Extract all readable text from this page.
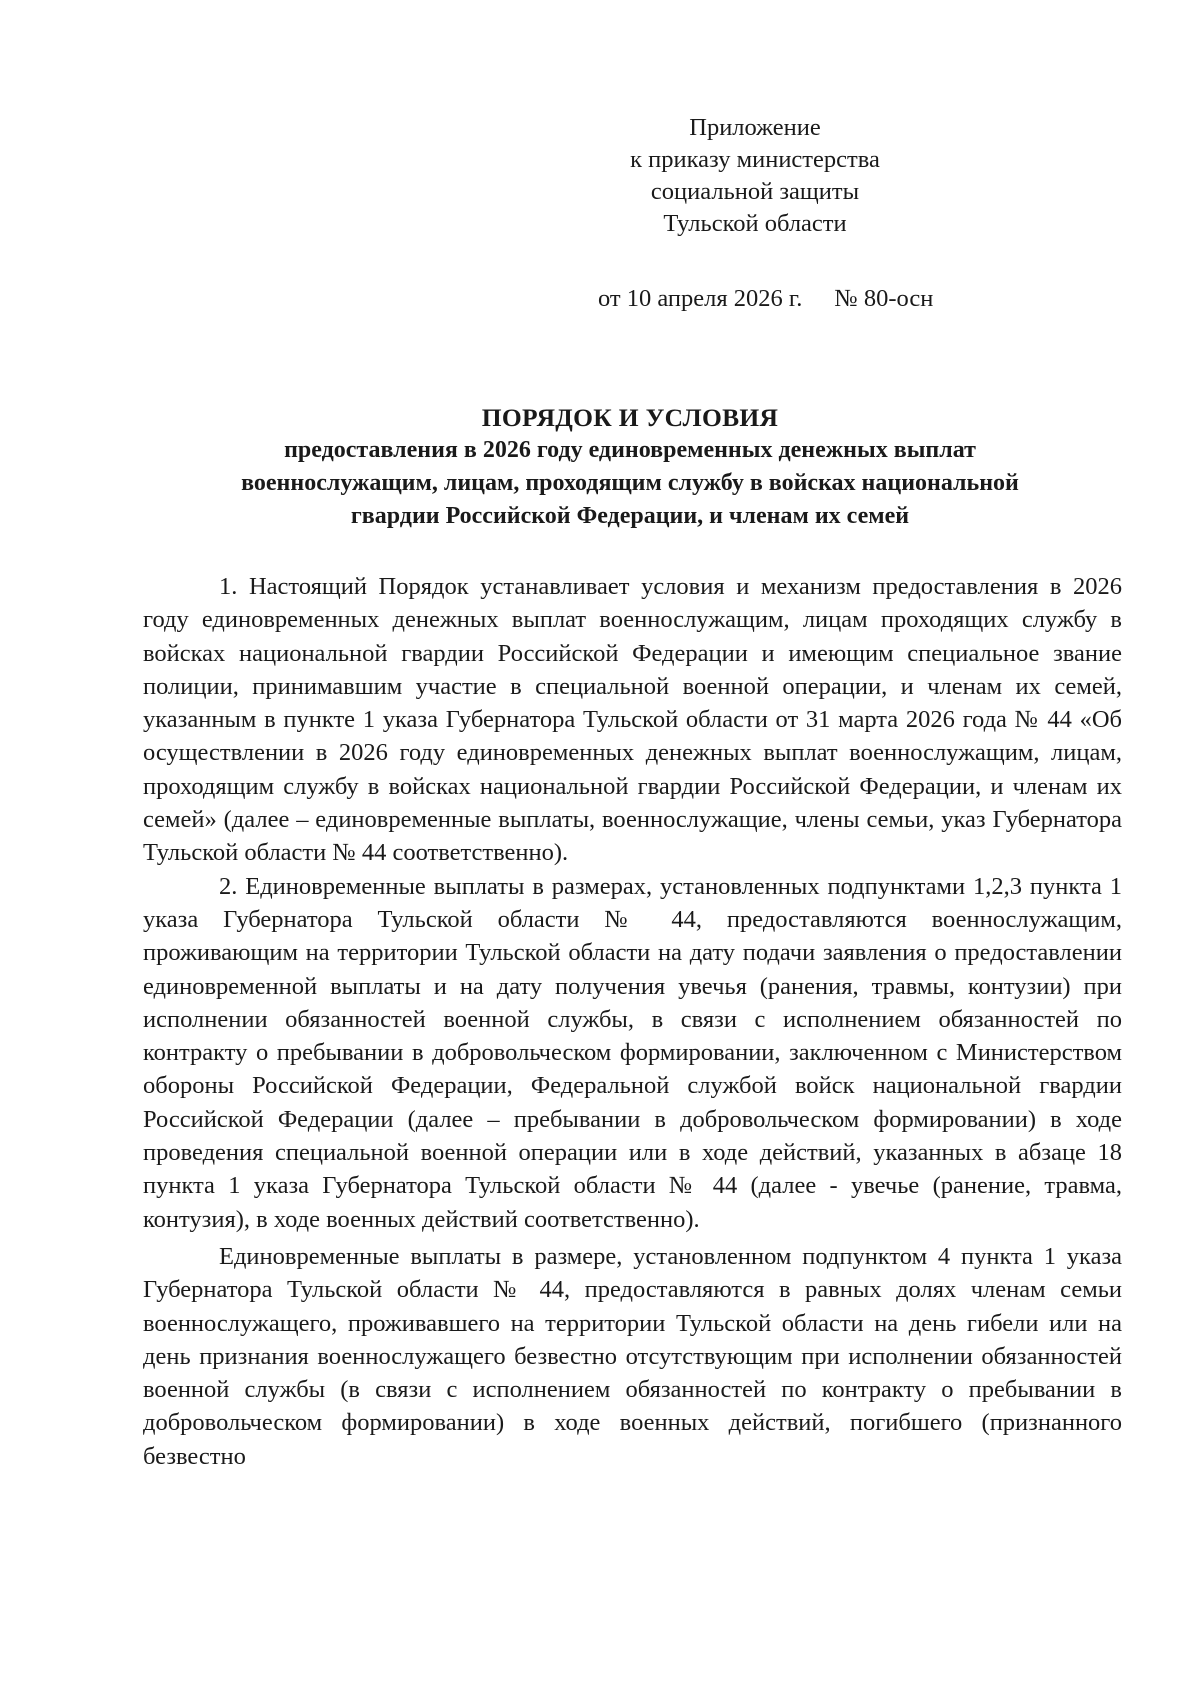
Приложение
к приказу министерства
социальной защиты
Тульской области
от 10 апреля 2026 г. № 80-осн
ПОРЯДОК И УСЛОВИЯ
предоставления в 2026 году единовременных денежных выплат
военнослужащим, лицам, проходящим службу в войсках национальной
гвардии Российской Федерации, и членам их семей

1. Настоящий Порядок устанавливает условия и механизм предоставления в 2026 году единовременных денежных выплат военнослужащим, лицам проходящих службу в войсках национальной гвардии Российской Федерации и имеющим специальное звание полиции, принимавшим участие в специальной военной операции, и членам их семей, указанным в пункте 1 указа Губернатора Тульской области от 31 марта 2026 года № 44 «Об осуществлении в 2026 году единовременных денежных выплат военнослужащим, лицам, проходящим службу в войсках национальной гвардии Российской Федерации, и членам их семей» (далее – единовременные выплаты, военнослужащие, члены семьи, указ Губернатора Тульской области № 44 соответственно).

2. Единовременные выплаты в размерах, установленных подпунктами 1,2,3 пункта 1 указа Губернатора Тульской области № 44, предоставляются военнослужащим, проживающим на территории Тульской области на дату подачи заявления о предоставлении единовременной выплаты и на дату получения увечья (ранения, травмы, контузии) при исполнении обязанностей военной службы, в связи с исполнением обязанностей по контракту о пребывании в добровольческом формировании, заключенном с Министерством обороны Российской Федерации, Федеральной службой войск национальной гвардии Российской Федерации (далее – пребывании в добровольческом формировании) в ходе проведения специальной военной операции или в ходе действий, указанных в абзаце 18 пункта 1 указа Губернатора Тульской области № 44 (далее - увечье (ранение, травма, контузия), в ходе военных действий соответственно).

Единовременные выплаты в размере, установленном подпунктом 4 пункта 1 указа Губернатора Тульской области № 44, предоставляются в равных долях членам семьи военнослужащего, проживавшего на территории Тульской области на день гибели или на день признания военнослужащего безвестно отсутствующим при исполнении обязанностей военной службы (в связи с исполнением обязанностей по контракту о пребывании в добровольческом формировании) в ходе военных действий, погибшего (признанного безвестно
